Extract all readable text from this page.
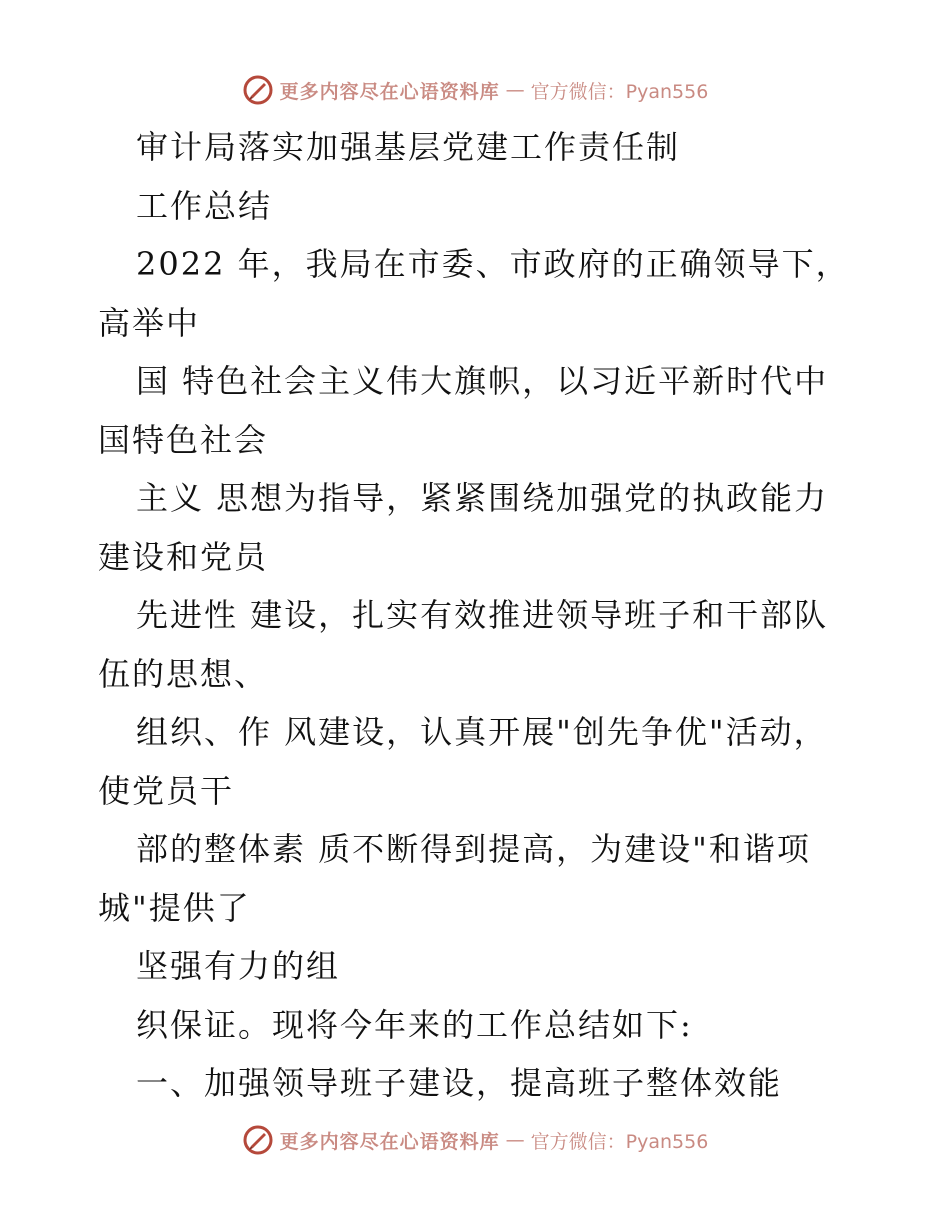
更多内容尽在心语资料库 — 官方微信：Pyan556
审计局落实加强基层党建工作责任制
工作总结
2022 年，我局在市委、市政府的正确领导下，
高举中
国 特色社会主义伟大旗帜，以习近平新时代中
国特色社会
主义 思想为指导，紧紧围绕加强党的执政能力
建设和党员
先进性 建设，扎实有效推进领导班子和干部队
伍的思想、
组织、作 风建设，认真开展"创先争优"活动，
使党员干
部的整体素 质不断得到提高，为建设"和谐项
城"提供了
坚强有力的组
织保证。现将今年来的工作总结如下:
一、加强领导班子建设，提高班子整体效能
更多内容尽在心语资料库 — 官方微信：Pyan556
